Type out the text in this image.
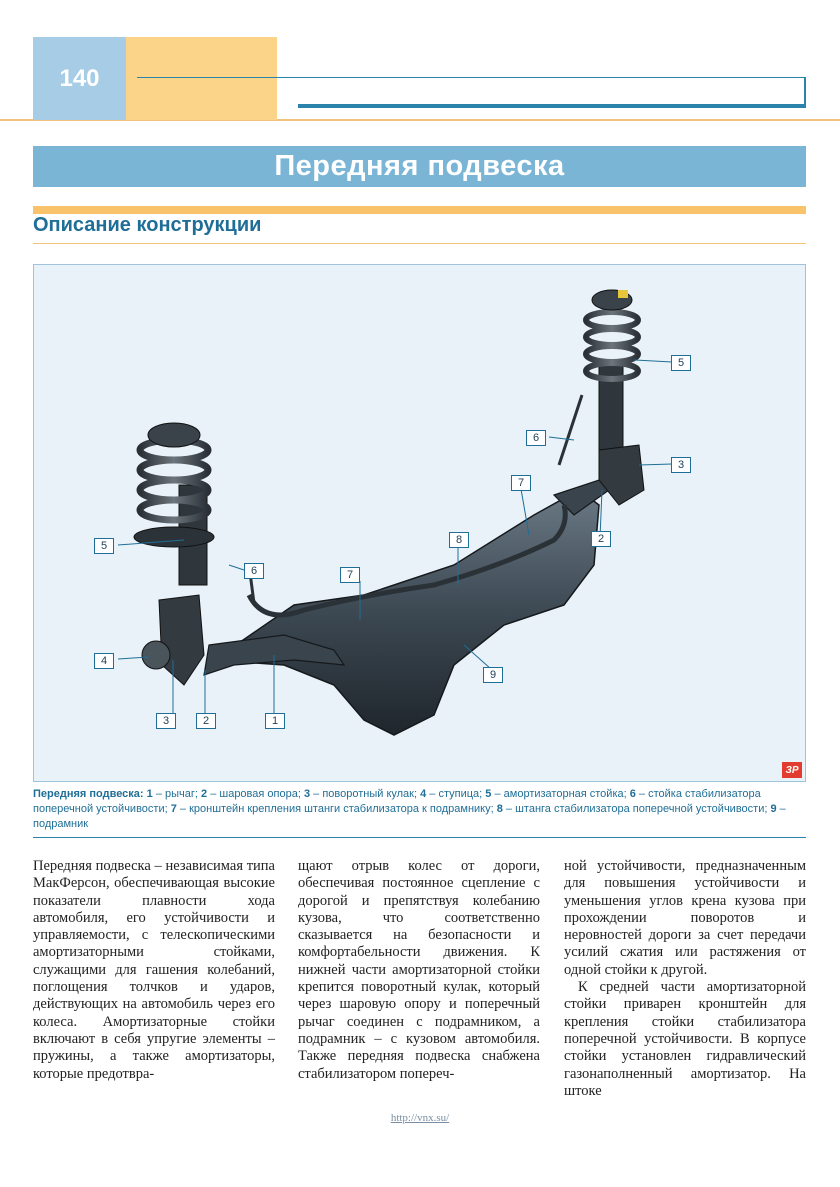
140
Передняя подвеска
Описание конструкции
1
2
2
3
3
4
5
5
6
6
7
7
8
9
ЗР
Передняя подвеска: 1 – рычаг; 2 – шаровая опора; 3 – поворотный кулак; 4 – ступица; 5 – амортизаторная стойка; 6 – стойка стабилизатора поперечной устойчивости; 7 – кронштейн крепления штанги стабилизатора к подрамнику; 8 – штанга стабилизатора поперечной устойчивости; 9 – подрамник

Передняя подвеска – независимая типа МакФерсон, обеспечивающая высокие показатели плавности хода автомобиля, его устойчивости и управляемости, с телескопическими амортизаторными стойками, служащими для гашения колебаний, поглощения толчков и ударов, действующих на автомобиль через его колеса. Амортизаторные стойки включают в себя упругие элементы – пружины, а также амортизаторы, которые предотвра-

щают отрыв колес от дороги, обеспечивая постоянное сцепление с дорогой и препятствуя колебанию кузова, что соответственно сказывается на безопасности и комфортабельности движения. К нижней части амортизаторной стойки крепится поворотный кулак, который через шаровую опору и поперечный рычаг соединен с подрамником, а подрамник – с кузовом автомобиля. Также передняя подвеска снабжена стабилизатором попереч-

ной устойчивости, предназначенным для повышения устойчивости и уменьшения углов крена кузова при прохождении поворотов и неровностей дороги за счет передачи усилий сжатия или растяжения от одной стойки к другой.

К средней части амортизаторной стойки приварен кронштейн для крепления стойки стабилизатора поперечной устойчивости. В корпусе стойки установлен гидравлический газонаполненный амортизатор. На штоке

http://vnx.su/
